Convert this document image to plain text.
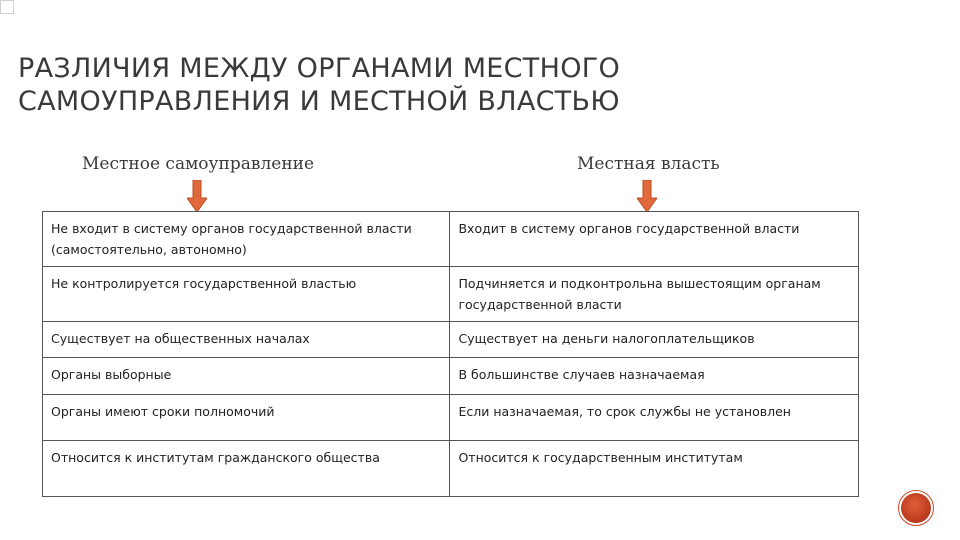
РАЗЛИЧИЯ МЕЖДУ ОРГАНАМИ МЕСТНОГО САМОУПРАВЛЕНИЯ И МЕСТНОЙ ВЛАСТЬЮ
Местное самоуправление	Местная власть
Не входит в систему органов государственной власти (самостоятельно, автономно)	Входит в систему органов государственной власти
Не контролируется государственной властью	Подчиняется и подконтрольна вышестоящим органам государственной власти
Существует на общественных началах	Существует на деньги налогоплательщиков
Органы выборные	В большинстве случаев назначаемая
Органы имеют сроки полномочий	Если назначаемая, то срок службы не установлен
Относится к институтам гражданского общества	Относится к государственным институтам
